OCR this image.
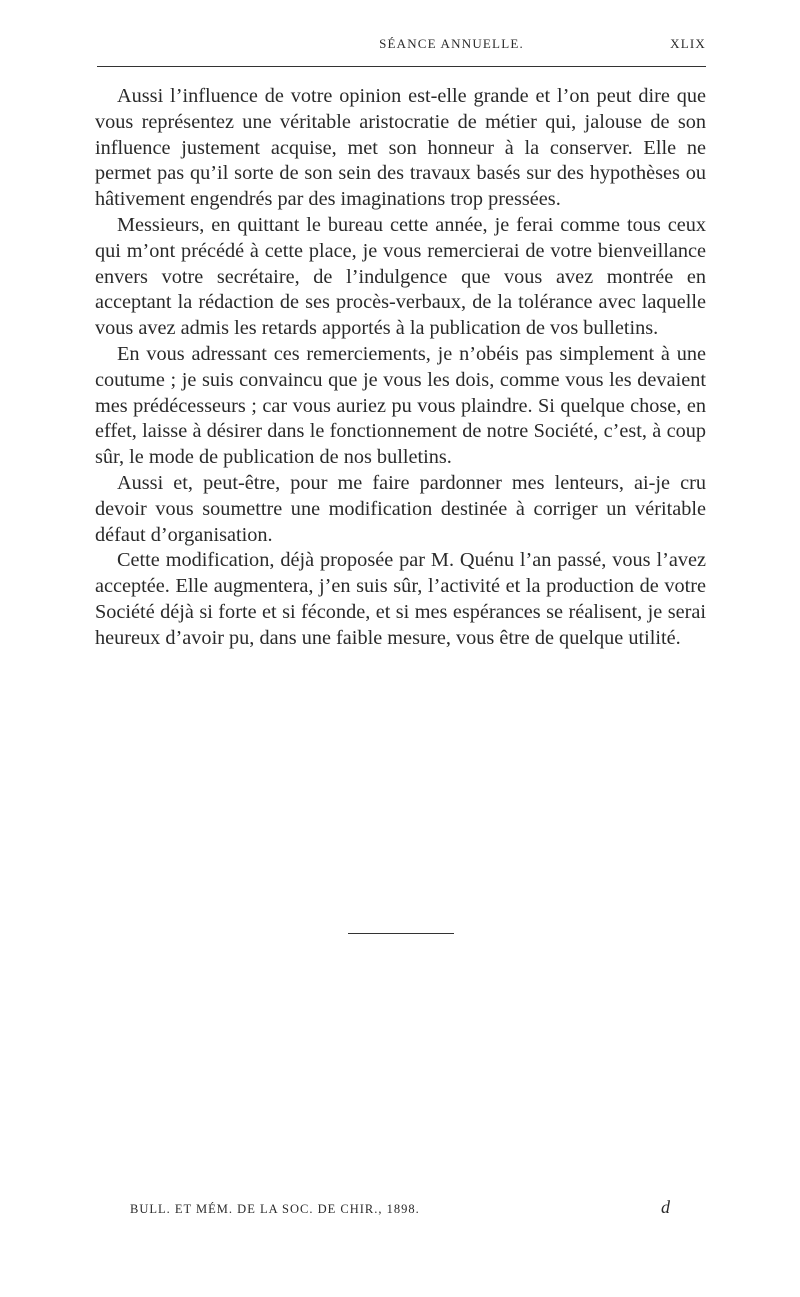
SÉANCE ANNUELLE.	XLIX

Aussi l’influence de votre opinion est-elle grande et l’on peut dire que vous représentez une véritable aristocratie de métier qui, jalouse de son influence justement acquise, met son honneur à la conserver. Elle ne permet pas qu’il sorte de son sein des travaux basés sur des hypothèses ou hâtivement engendrés par des imaginations trop pressées.

Messieurs, en quittant le bureau cette année, je ferai comme tous ceux qui m’ont précédé à cette place, je vous remercierai de votre bienveillance envers votre secrétaire, de l’indulgence que vous avez montrée en acceptant la rédaction de ses procès-verbaux, de la tolérance avec laquelle vous avez admis les retards apportés à la publication de vos bulletins.

En vous adressant ces remerciements, je n’obéis pas simplement à une coutume ; je suis convaincu que je vous les dois, comme vous les devaient mes prédécesseurs ; car vous auriez pu vous plaindre. Si quelque chose, en effet, laisse à désirer dans le fonctionnement de notre Société, c’est, à coup sûr, le mode de publication de nos bulletins.

Aussi et, peut-être, pour me faire pardonner mes lenteurs, ai-je cru devoir vous soumettre une modification destinée à corriger un véritable défaut d’organisation.

Cette modification, déjà proposée par M. Quénu l’an passé, vous l’avez acceptée. Elle augmentera, j’en suis sûr, l’activité et la production de votre Société déjà si forte et si féconde, et si mes espérances se réalisent, je serai heureux d’avoir pu, dans une faible mesure, vous être de quelque utilité.

BULL. ET MÉM. DE LA SOC. DE CHIR., 1898.	d
